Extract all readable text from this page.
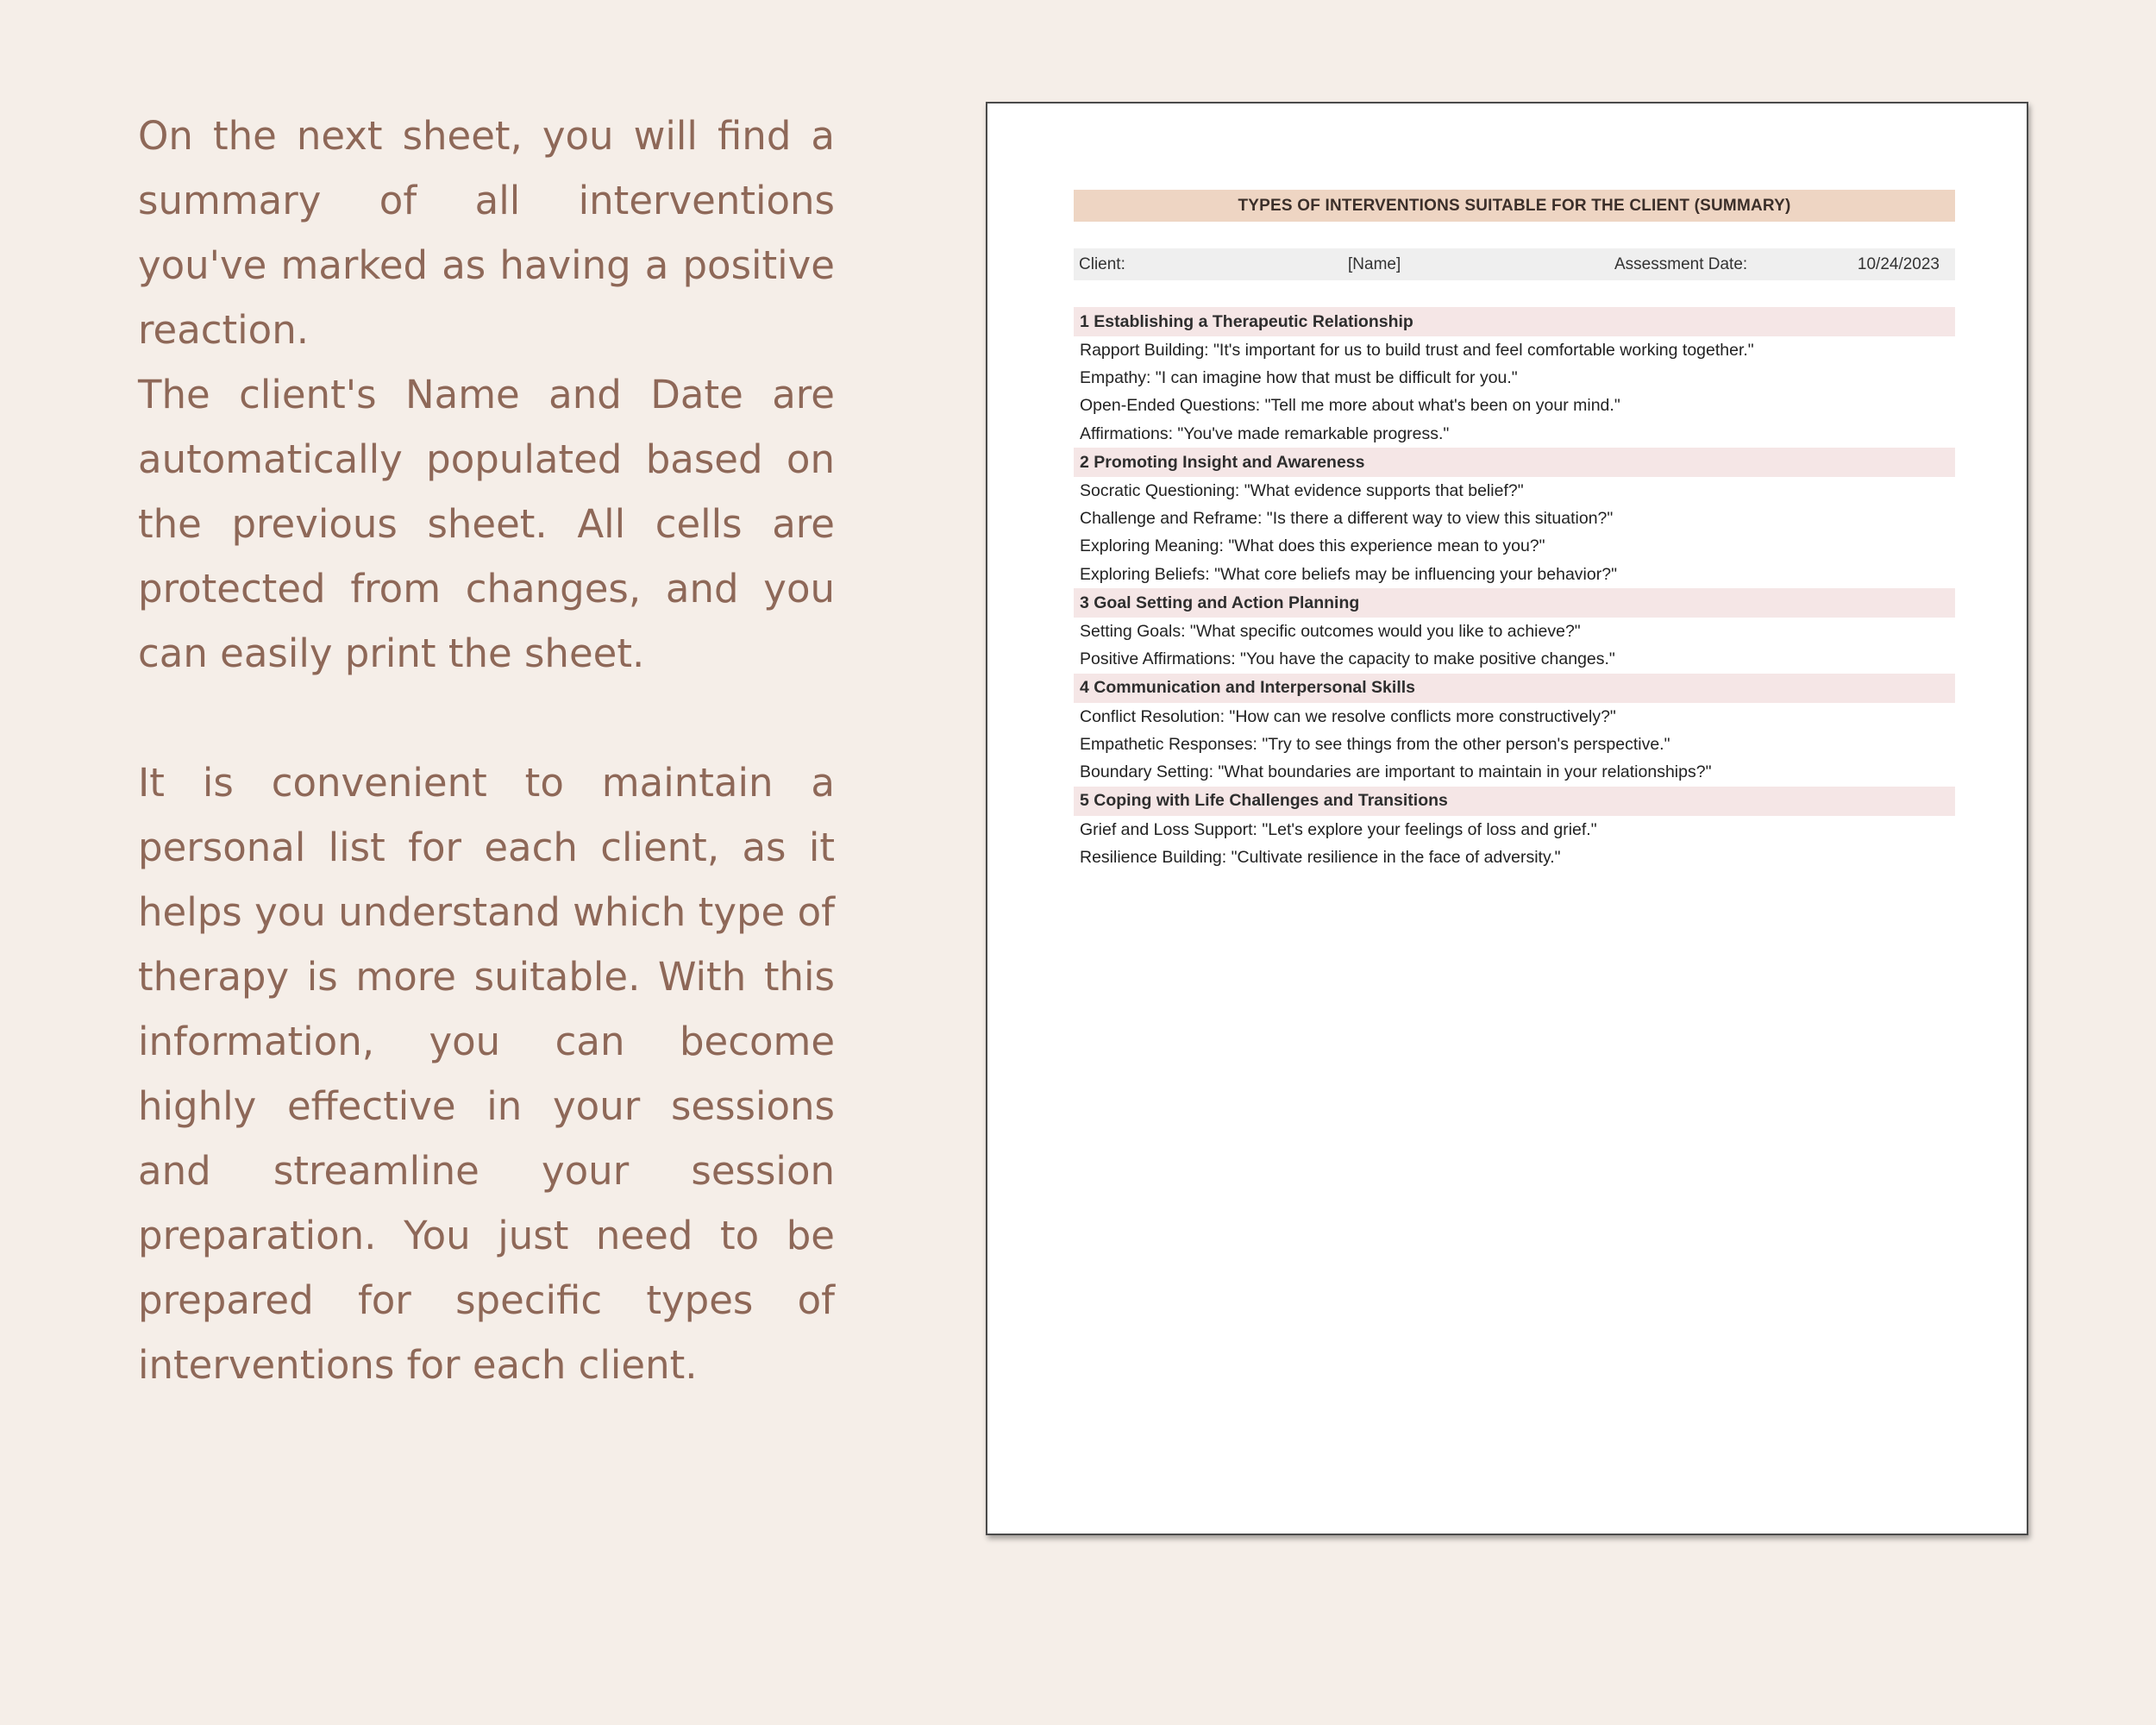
On the next sheet, you will find a summary of all interventions you've marked as having a positive reaction.

The client's Name and Date are automatically populated based on the previous sheet. All cells are protected from changes, and you can easily print the sheet.

It is convenient to maintain a personal list for each client, as it helps you understand which type of therapy is more suitable. With this information, you can become highly effective in your sessions and streamline your session preparation. You just need to be prepared for specific types of interventions for each client.

TYPES OF INTERVENTIONS SUITABLE FOR THE CLIENT (SUMMARY)
Client:	[Name]	Assessment Date:	10/24/2023
1 Establishing a Therapeutic Relationship
Rapport Building: "It's important for us to build trust and feel comfortable working together."
Empathy: "I can imagine how that must be difficult for you."
Open-Ended Questions: "Tell me more about what's been on your mind."
Affirmations: "You've made remarkable progress."
2 Promoting Insight and Awareness
Socratic Questioning: "What evidence supports that belief?"
Challenge and Reframe: "Is there a different way to view this situation?"
Exploring Meaning: "What does this experience mean to you?"
Exploring Beliefs: "What core beliefs may be influencing your behavior?"
3 Goal Setting and Action Planning
Setting Goals: "What specific outcomes would you like to achieve?"
Positive Affirmations: "You have the capacity to make positive changes."
4 Communication and Interpersonal Skills
Conflict Resolution: "How can we resolve conflicts more constructively?"
Empathetic Responses: "Try to see things from the other person's perspective."
Boundary Setting: "What boundaries are important to maintain in your relationships?"
5 Coping with Life Challenges and Transitions
Grief and Loss Support: "Let's explore your feelings of loss and grief."
Resilience Building: "Cultivate resilience in the face of adversity."
